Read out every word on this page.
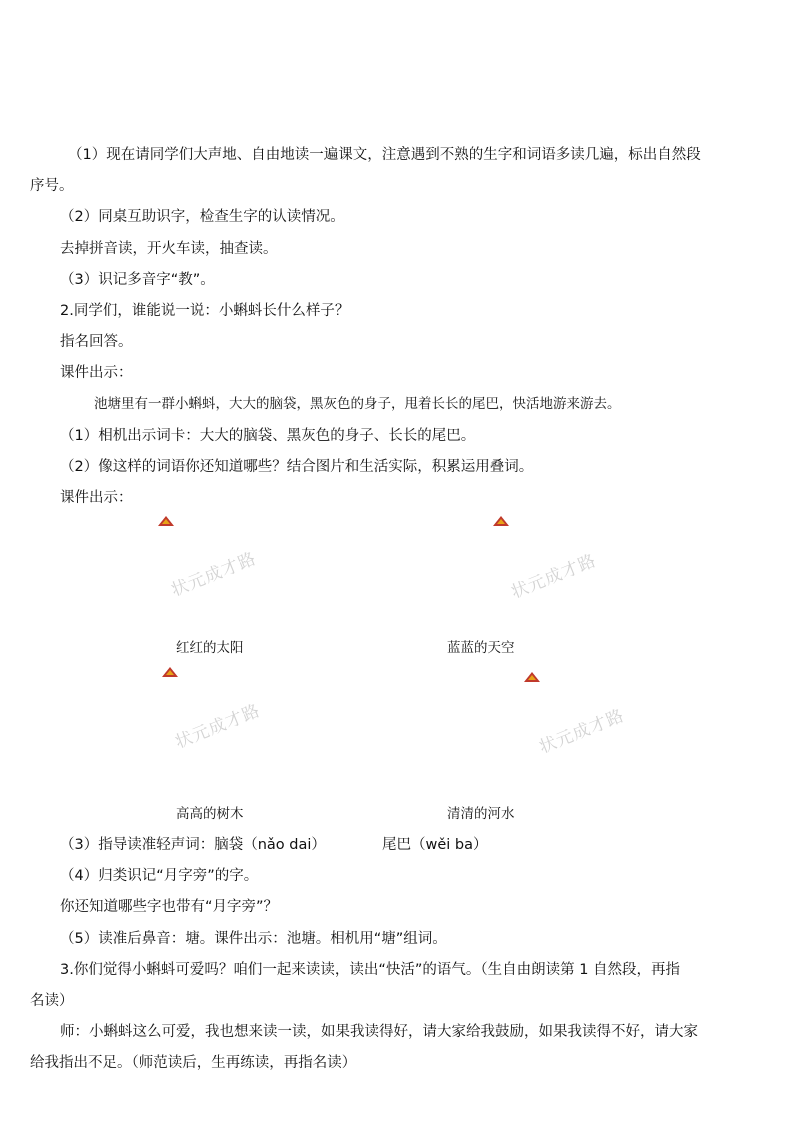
（1）现在请同学们大声地、自由地读一遍课文，注意遇到不熟的生字和词语多读几遍，标出自然段
序号。
（2）同桌互助识字，检查生字的认读情况。
去掉拼音读，开火车读，抽查读。
（3）识记多音字“教”。
2.同学们，谁能说一说：小蝌蚪长什么样子？
指名回答。
课件出示：
池塘里有一群小蝌蚪，大大的脑袋，黑灰色的身子，甩着长长的尾巴，快活地游来游去。
（1）相机出示词卡：大大的脑袋、黑灰色的身子、长长的尾巴。
（2）像这样的词语你还知道哪些？结合图片和生活实际，积累运用叠词。
课件出示：
状元成才路	状元成才路
状元成才路	状元成才路
红红的太阳	蓝蓝的天空
高高的树木	清清的河水
（3）指导读准轻声词：脑袋（nǎo dai）	尾巴（wěi ba）
（4）归类识记“月字旁”的字。
你还知道哪些字也带有“月字旁”？
（5）读准后鼻音：塘。课件出示：池塘。相机用“塘”组词。
3.你们觉得小蝌蚪可爱吗？咱们一起来读读，读出“快活”的语气。（生自由朗读第 1 自然段，再指
名读）
师：小蝌蚪这么可爱，我也想来读一读，如果我读得好，请大家给我鼓励，如果我读得不好，请大家
给我指出不足。（师范读后，生再练读，再指名读）
